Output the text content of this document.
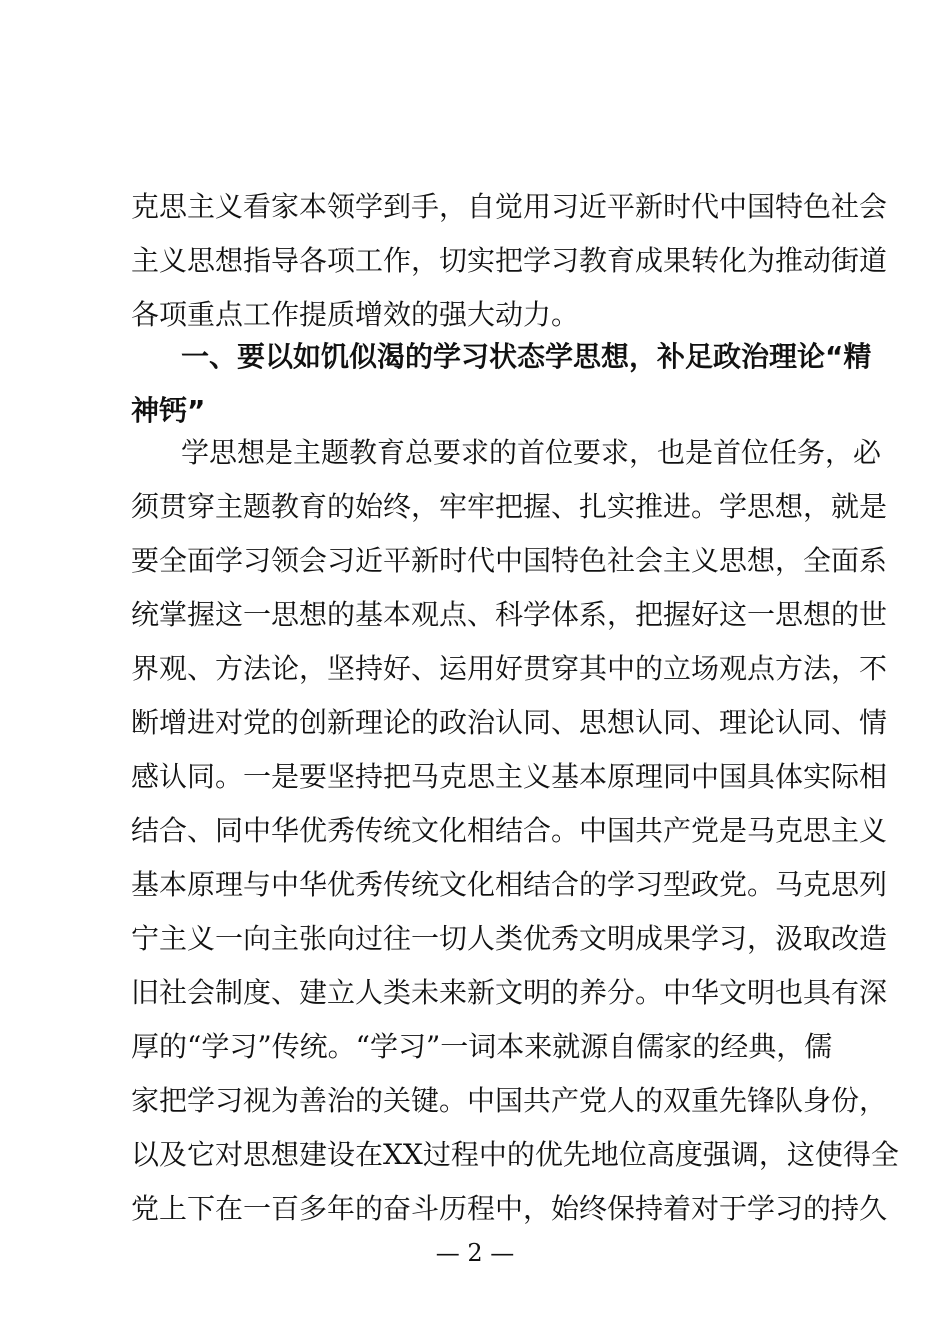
克思主义看家本领学到手，自觉用习近平新时代中国特色社会
主义思想指导各项工作，切实把学习教育成果转化为推动街道
各项重点工作提质增效的强大动力。
一、要以如饥似渴的学习状态学思想，补足政治理论“精
神钙”
学思想是主题教育总要求的首位要求，也是首位任务，必
须贯穿主题教育的始终，牢牢把握、扎实推进。学思想，就是
要全面学习领会习近平新时代中国特色社会主义思想，全面系
统掌握这一思想的基本观点、科学体系，把握好这一思想的世
界观、方法论，坚持好、运用好贯穿其中的立场观点方法，不
断增进对党的创新理论的政治认同、思想认同、理论认同、情
感认同。一是要坚持把马克思主义基本原理同中国具体实际相
结合、同中华优秀传统文化相结合。中国共产党是马克思主义
基本原理与中华优秀传统文化相结合的学习型政党。马克思列
宁主义一向主张向过往一切人类优秀文明成果学习，汲取改造
旧社会制度、建立人类未来新文明的养分。中华文明也具有深
厚的“学习”传统。“学习”一词本来就源自儒家的经典，儒
家把学习视为善治的关键。中国共产党人的双重先锋队身份，
以及它对思想建设在XX过程中的优先地位高度强调，这使得全
党上下在一百多年的奋斗历程中，始终保持着对于学习的持久
— 2 —
